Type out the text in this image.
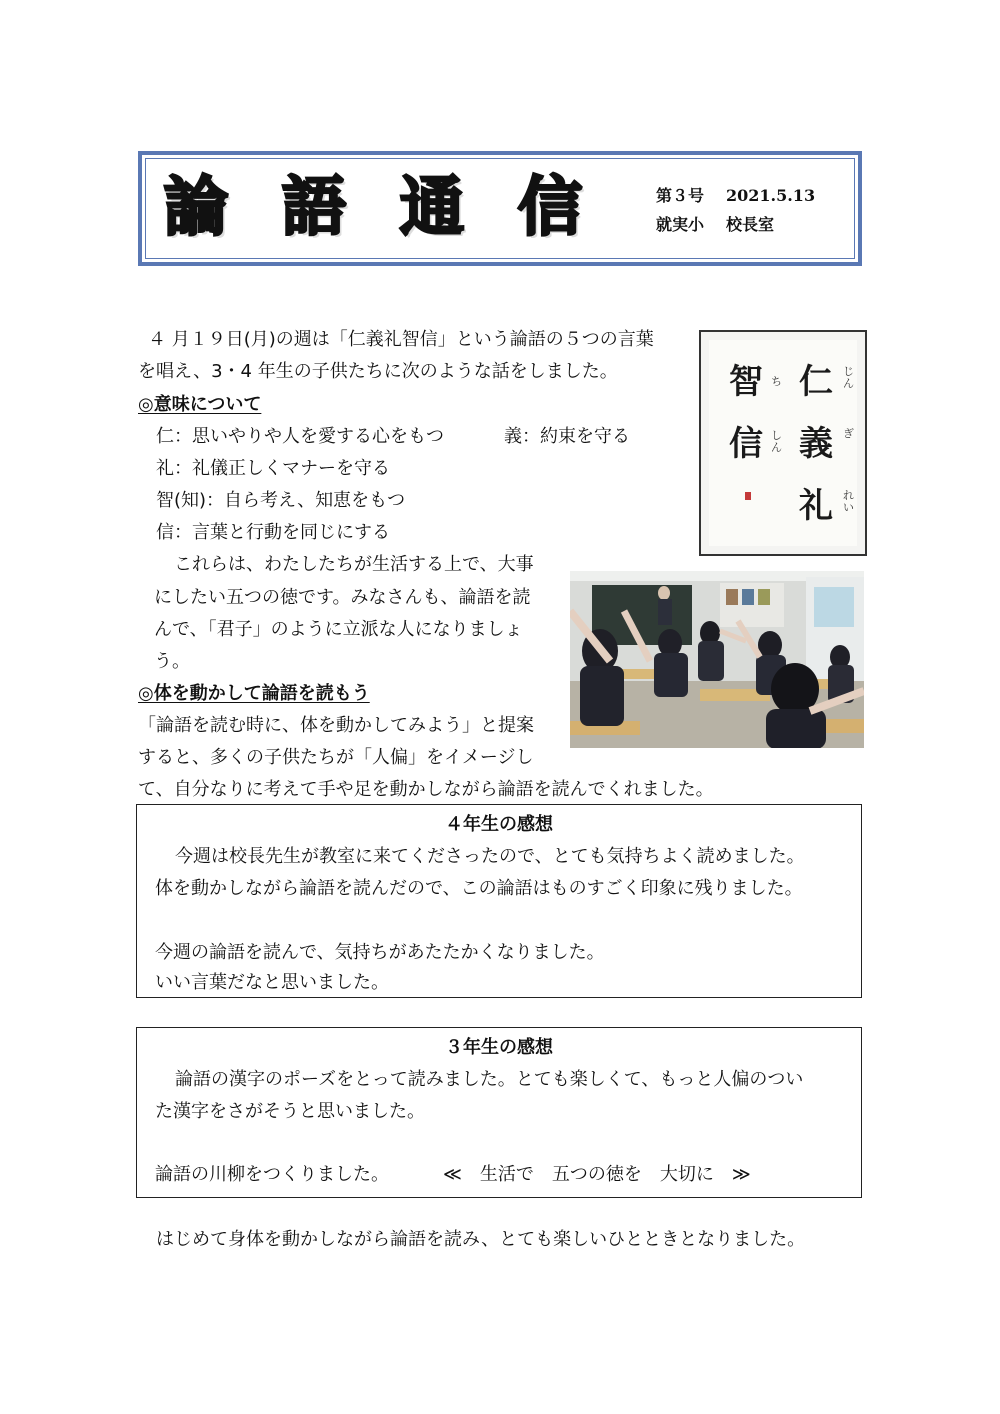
論 語 通 信	第３号 2021.5.13
就実小 校長室
４ 月１９日(月)の週は「仁義礼智信」という論語の５つの言葉
を唱え、3・4 年生の子供たちに次のような話をしました。
◎意味について
仁：思いやりや人を愛する心をもつ	義：約束を守る
礼：礼儀正しくマナーを守る
智(知)：自ら考え、知恵をもつ
信：言葉と行動を同じにする
これらは、わたしたちが生活する上で、大事
にしたい五つの徳です。みなさんも、論語を読
んで、「君子」のように立派な人になりましょ
う。
仁 じん
義 ぎ
礼 れい
智 ち
信 しん
◎体を動かして論語を読もう
「論語を読む時に、体を動かしてみよう」と提案
すると、多くの子供たちが「人偏」をイメージし
て、自分なりに考えて手や足を動かしながら論語を読んでくれました。
４年生の感想
今週は校長先生が教室に来てくださったので、とても気持ちよく読めました。
体を動かしながら論語を読んだので、この論語はものすごく印象に残りました。
今週の論語を読んで、気持ちがあたたかくなりました。
いい言葉だなと思いました。
３年生の感想
論語の漢字のポーズをとって読みました。とても楽しくて、もっと人偏のつい
た漢字をさがそうと思いました。
論語の川柳をつくりました。	≪　生活で　五つの徳を　大切に　≫
はじめて身体を動かしながら論語を読み、とても楽しいひとときとなりました。
